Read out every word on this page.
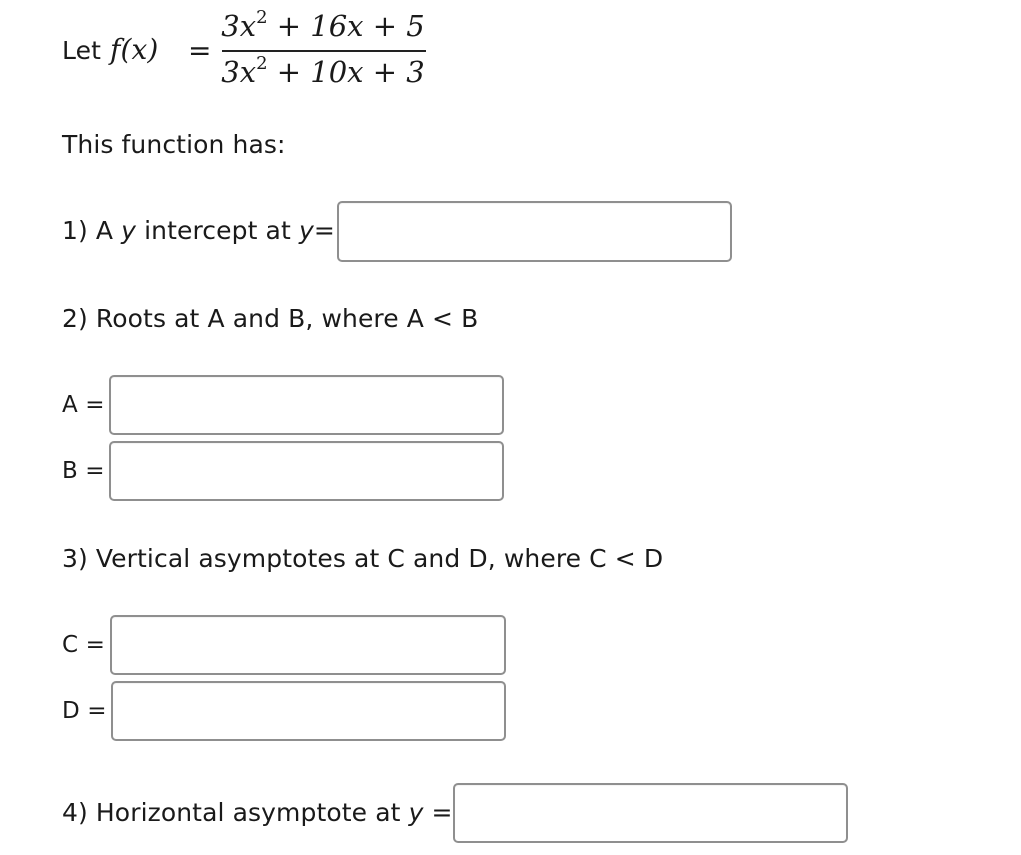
Let f(x) =
$3x^2 + 16x + 5$
$3x^2 + 10x + 3$
This function has:
1) A y intercept at y=
2) Roots at A and B, where A < B
A =
B =
3) Vertical asymptotes at C and D, where C < D
C =
D =
4) Horizontal asymptote at y =
